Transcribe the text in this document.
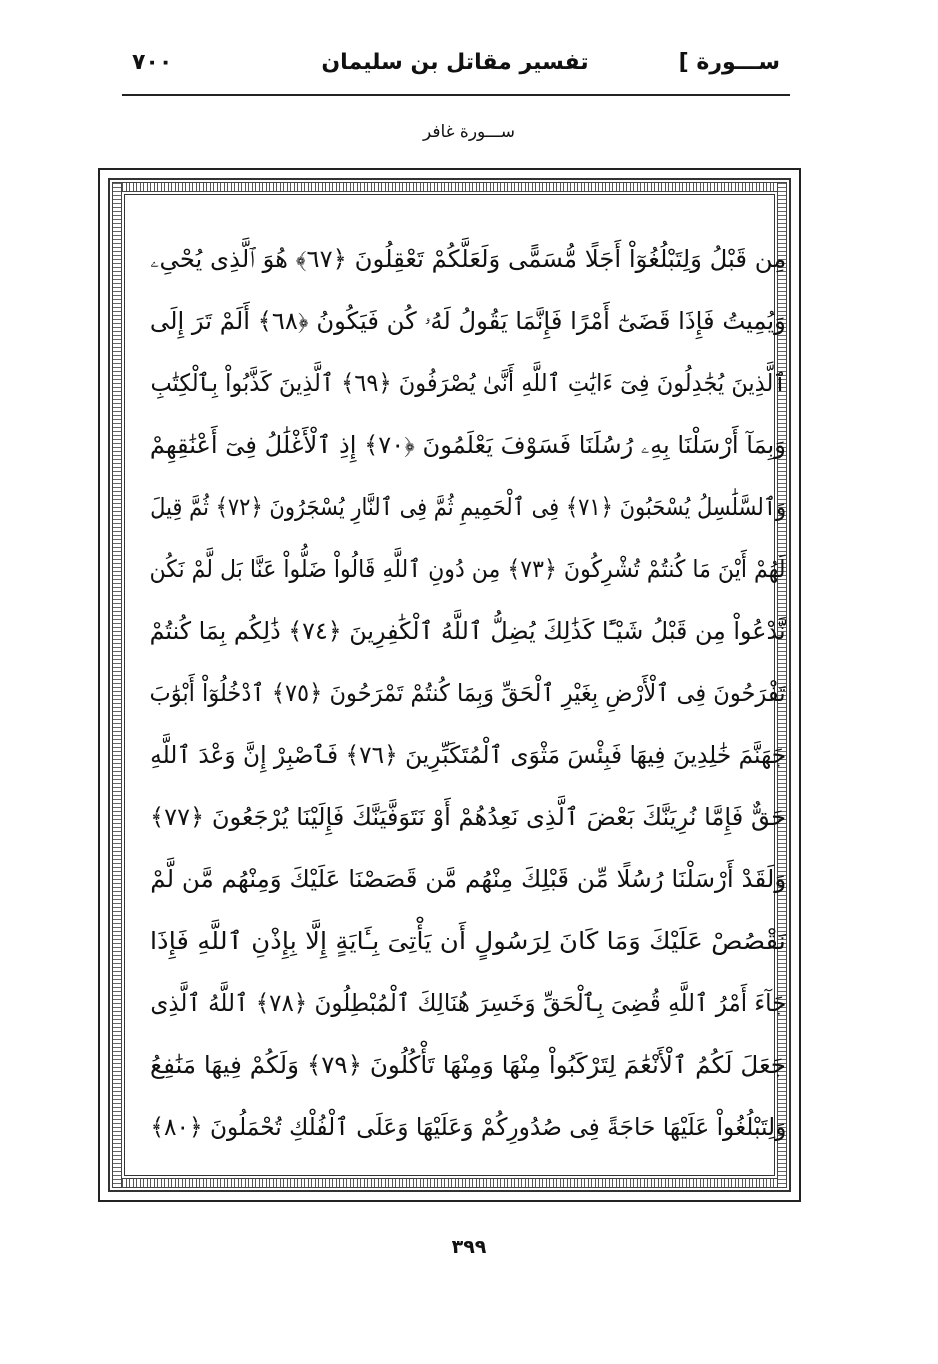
٧٠٠	تفسير مقاتل بن سليمان	[ ســـورة
ســـورة غافر
مِن قَبْلُ وَلِتَبْلُغُوٓاْ أَجَلًا مُّسَمًّى وَلَعَلَّكُمْ تَعْقِلُونَ ﴿٦٧﴾ هُوَ ٱلَّذِى يُحْىِۦ
وَيُمِيتُ فَإِذَا قَضَىٰٓ أَمْرًا فَإِنَّمَا يَقُولُ لَهُۥ كُن فَيَكُونُ ﴿٦٨﴾ أَلَمْ تَرَ إِلَى
ٱلَّذِينَ يُجَٰدِلُونَ فِىٓ ءَايَٰتِ ٱللَّهِ أَنَّىٰ يُصْرَفُونَ ﴿٦٩﴾ ٱلَّذِينَ كَذَّبُواْ بِٱلْكِتَٰبِ
وَبِمَآ أَرْسَلْنَا بِهِۦ رُسُلَنَا فَسَوْفَ يَعْلَمُونَ ﴿٧٠﴾ إِذِ ٱلْأَغْلَٰلُ فِىٓ أَعْنَٰقِهِمْ
وَٱلسَّلَٰسِلُ يُسْحَبُونَ ﴿٧١﴾ فِى ٱلْحَمِيمِ ثُمَّ فِى ٱلنَّارِ يُسْجَرُونَ ﴿٧٢﴾ ثُمَّ قِيلَ
لَهُمْ أَيْنَ مَا كُنتُمْ تُشْرِكُونَ ﴿٧٣﴾ مِن دُونِ ٱللَّهِ قَالُواْ ضَلُّواْ عَنَّا بَل لَّمْ نَكُن
نَّدْعُواْ مِن قَبْلُ شَيْـًٔا كَذَٰلِكَ يُضِلُّ ٱللَّهُ ٱلْكَٰفِرِينَ ﴿٧٤﴾ ذَٰلِكُم بِمَا كُنتُمْ
تَفْرَحُونَ فِى ٱلْأَرْضِ بِغَيْرِ ٱلْحَقِّ وَبِمَا كُنتُمْ تَمْرَحُونَ ﴿٧٥﴾ ٱدْخُلُوٓاْ أَبْوَٰبَ
جَهَنَّمَ خَٰلِدِينَ فِيهَا فَبِئْسَ مَثْوَى ٱلْمُتَكَبِّرِينَ ﴿٧٦﴾ فَٱصْبِرْ إِنَّ وَعْدَ ٱللَّهِ
حَقٌّ فَإِمَّا نُرِيَنَّكَ بَعْضَ ٱلَّذِى نَعِدُهُمْ أَوْ نَتَوَفَّيَنَّكَ فَإِلَيْنَا يُرْجَعُونَ ﴿٧٧﴾
وَلَقَدْ أَرْسَلْنَا رُسُلًا مِّن قَبْلِكَ مِنْهُم مَّن قَصَصْنَا عَلَيْكَ وَمِنْهُم مَّن لَّمْ
نَقْصُصْ عَلَيْكَ وَمَا كَانَ لِرَسُولٍ أَن يَأْتِىَ بِـَٔايَةٍ إِلَّا بِإِذْنِ ٱللَّهِ فَإِذَا
جَآءَ أَمْرُ ٱللَّهِ قُضِىَ بِٱلْحَقِّ وَخَسِرَ هُنَالِكَ ٱلْمُبْطِلُونَ ﴿٧٨﴾ ٱللَّهُ ٱلَّذِى
جَعَلَ لَكُمُ ٱلْأَنْعَٰمَ لِتَرْكَبُواْ مِنْهَا وَمِنْهَا تَأْكُلُونَ ﴿٧٩﴾ وَلَكُمْ فِيهَا مَنَٰفِعُ
وَلِتَبْلُغُواْ عَلَيْهَا حَاجَةً فِى صُدُورِكُمْ وَعَلَيْهَا وَعَلَى ٱلْفُلْكِ تُحْمَلُونَ ﴿٨٠﴾
٣٩٩
